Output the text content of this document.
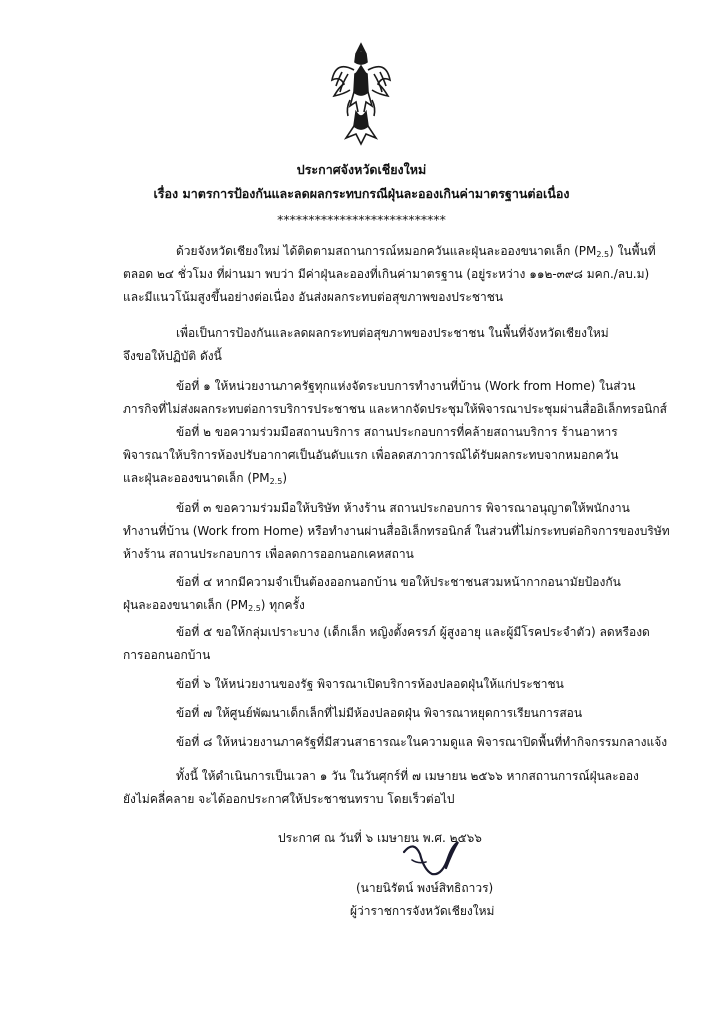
ประกาศจังหวัดเชียงใหม่
เรื่อง มาตรการป้องกันและลดผลกระทบกรณีฝุ่นละอองเกินค่ามาตรฐานต่อเนื่อง
***************************
ด้วยจังหวัดเชียงใหม่ ได้ติดตามสถานการณ์หมอกควันและฝุ่นละอองขนาดเล็ก $(PM_{2.5})$ ในพื้นที่
ตลอด ๒๔ ชั่วโมง ที่ผ่านมา พบว่า มีค่าฝุ่นละอองที่เกินค่ามาตรฐาน (อยู่ระหว่าง ๑๑๒-๓๙๘ มคก./ลบ.ม)
และมีแนวโน้มสูงขึ้นอย่างต่อเนื่อง อันส่งผลกระทบต่อสุขภาพของประชาชน
เพื่อเป็นการป้องกันและลดผลกระทบต่อสุขภาพของประชาชน ในพื้นที่จังหวัดเชียงใหม่
จึงขอให้ปฏิบัติ ดังนี้
ข้อที่ ๑ ให้หน่วยงานภาครัฐทุกแห่งจัดระบบการทำงานที่บ้าน (Work from Home) ในส่วน
ภารกิจที่ไม่ส่งผลกระทบต่อการบริการประชาชน และหากจัดประชุมให้พิจารณาประชุมผ่านสื่ออิเล็กทรอนิกส์
ข้อที่ ๒ ขอความร่วมมือสถานบริการ สถานประกอบการที่คล้ายสถานบริการ ร้านอาหาร
พิจารณาให้บริการห้องปรับอากาศเป็นอันดับแรก เพื่อลดสภาวการณ์ได้รับผลกระทบจากหมอกควัน
และฝุ่นละอองขนาดเล็ก $(PM_{2.5})$
ข้อที่ ๓ ขอความร่วมมือให้บริษัท ห้างร้าน สถานประกอบการ พิจารณาอนุญาตให้พนักงาน
ทำงานที่บ้าน (Work from Home) หรือทำงานผ่านสื่ออิเล็กทรอนิกส์ ในส่วนที่ไม่กระทบต่อกิจการของบริษัท
ห้างร้าน สถานประกอบการ เพื่อลดการออกนอกเคหสถาน
ข้อที่ ๔ หากมีความจำเป็นต้องออกนอกบ้าน ขอให้ประชาชนสวมหน้ากากอนามัยป้องกัน
ฝุ่นละอองขนาดเล็ก $(PM_{2.5})$ ทุกครั้ง
ข้อที่ ๕ ขอให้กลุ่มเปราะบาง (เด็กเล็ก หญิงตั้งครรภ์ ผู้สูงอายุ และผู้มีโรคประจำตัว) ลดหรืองด
การออกนอกบ้าน
ข้อที่ ๖ ให้หน่วยงานของรัฐ พิจารณาเปิดบริการห้องปลอดฝุ่นให้แก่ประชาชน
ข้อที่ ๗ ให้ศูนย์พัฒนาเด็กเล็กที่ไม่มีห้องปลอดฝุ่น พิจารณาหยุดการเรียนการสอน
ข้อที่ ๘ ให้หน่วยงานภาครัฐที่มีสวนสาธารณะในความดูแล พิจารณาปิดพื้นที่ทำกิจกรรมกลางแจ้ง
ทั้งนี้ ให้ดำเนินการเป็นเวลา ๑ วัน ในวันศุกร์ที่ ๗ เมษายน ๒๕๖๖ หากสถานการณ์ฝุ่นละออง
ยังไม่คลี่คลาย จะได้ออกประกาศให้ประชาชนทราบ โดยเร็วต่อไป
ประกาศ ณ วันที่ ๖ เมษายน พ.ศ. ๒๕๖๖
(นายนิรัตน์ พงษ์สิทธิถาวร)
ผู้ว่าราชการจังหวัดเชียงใหม่
